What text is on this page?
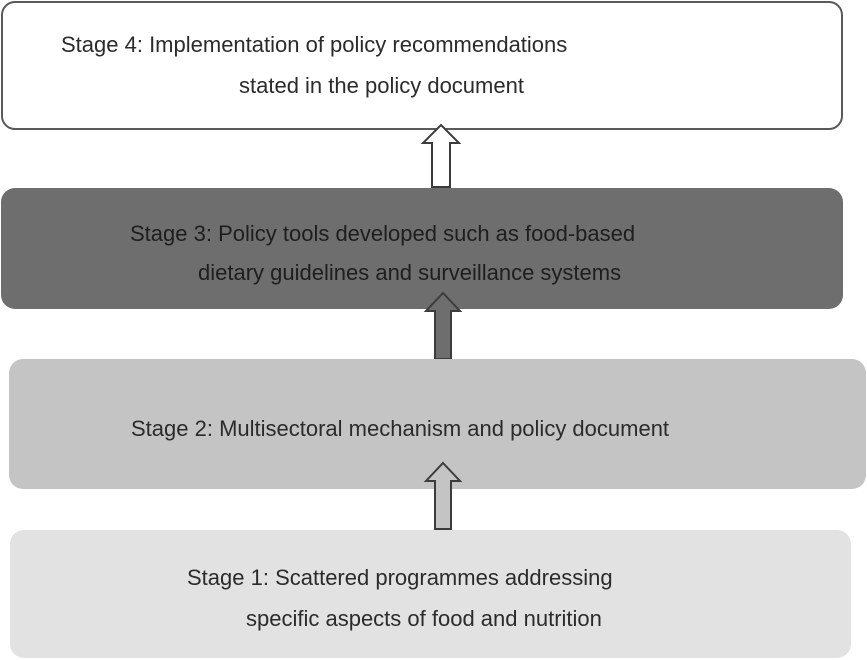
Stage 4: Implementation of policy recommendations
stated in the policy document
Stage 3: Policy tools developed such as food-based
dietary guidelines and surveillance systems
Stage 2: Multisectoral mechanism and policy document
Stage 1: Scattered programmes addressing
specific aspects of food and nutrition
